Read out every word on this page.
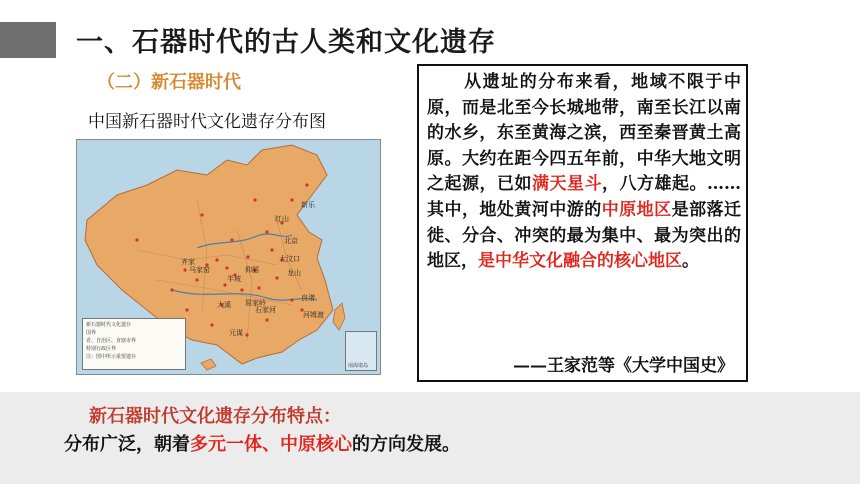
一、石器时代的古人类和文化遗存
（二）新石器时代
中国新石器时代文化遗存分布图
红山
北京
新乐
齐家	大汶口
仰韶
河姆渡
良渚
屈家岭
马家窑
半坡
石家河
龙山
大溪
元谋
新石器时代文化遗存
国界
省、自治区、直辖市界
特别行政区界
注：图中所示重要遗存
南海诸岛
　　从遗址的分布来看，地域不限于中原，而是北至今长城地带，南至长江以南的水乡，东至黄海之滨，西至秦晋黄土高原。大约在距今四五年前，中华大地文明之起源，已如满天星斗，八方雄起。……其中，地处黄河中游的中原地区是部落迁徙、分合、冲突的最为集中、最为突出的地区，是中华文化融合的核心地区。
——王家范等《大学中国史》
新石器时代文化遗存分布特点：
分布广泛，朝着多元一体、中原核心的方向发展。
